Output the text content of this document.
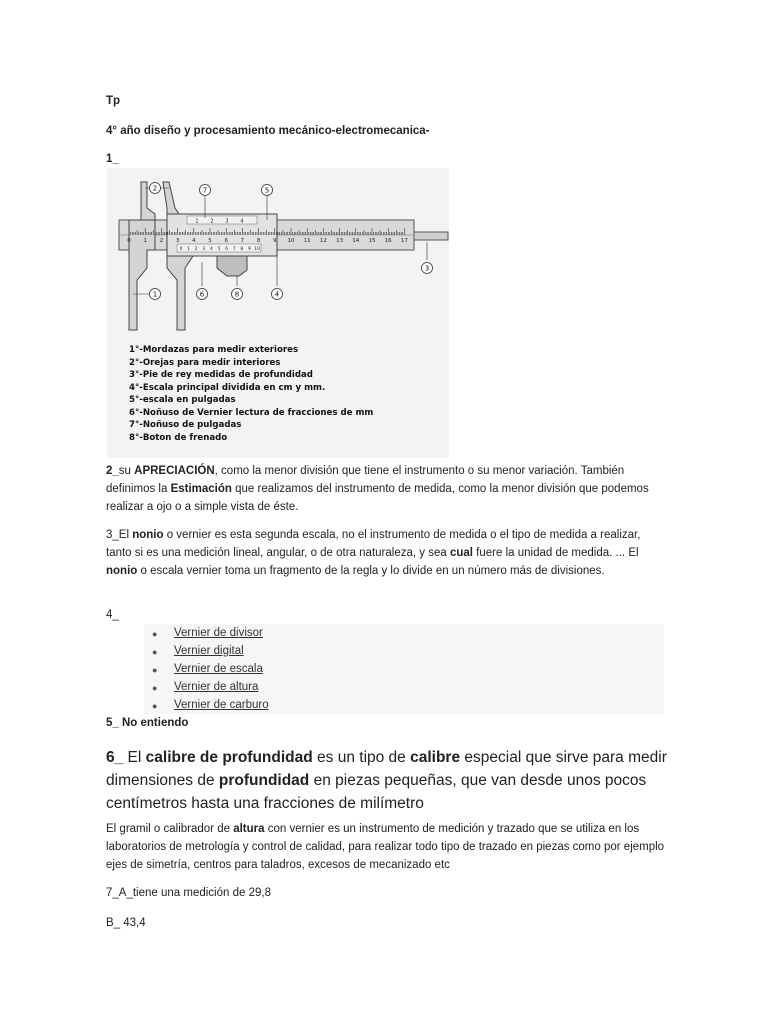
Tp

4° año diseño y procesamiento mecánico-electromecanica-

1_

0 1 2 3 4 5 6 7 8 9 10 11 12 13 14 15 16 17
1 2 3 4
0 1 2 3 4 5 6 7 8 9 10
2	7	5
1	6	8	4
3
1°-Mordazas para medir exteriores
2°-Orejas para medir interiores
3°-Pie de rey medidas de profundidad
4°-Escala principal dividida en cm y mm.
5°-escala en pulgadas
6°-Noñuso de Vernier lectura de fracciones de mm
7°-Noñuso de pulgadas
8°-Boton de frenado

2_su APRECIACIÓN, como la menor división que tiene el instrumento o su menor variación. También definimos la Estimación que realizamos del instrumento de medida, como la menor división que podemos realizar a ojo o a simple vista de éste.

3_El nonio o vernier es esta segunda escala, no el instrumento de medida o el tipo de medida a realizar, tanto si es una medición lineal, angular, o de otra naturaleza, y sea cual fuere la unidad de medida. ... El nonio o escala vernier toma un fragmento de la regla y lo divide en un número más de divisiones.

4_

● Vernier de divisor
● Vernier digital
● Vernier de escala
● Vernier de altura
● Vernier de carburo

5_ No entiendo

6_ El calibre de profundidad es un tipo de calibre especial que sirve para medir dimensiones de profundidad en piezas pequeñas, que van desde unos pocos centímetros hasta una fracciones de milímetro

El gramil o calibrador de altura con vernier es un instrumento de medición y trazado que se utiliza en los laboratorios de metrología y control de calidad, para realizar todo tipo de trazado en piezas como por ejemplo ejes de simetría, centros para taladros, excesos de mecanizado etc

7_A_tiene una medición de 29,8

B_ 43,4
